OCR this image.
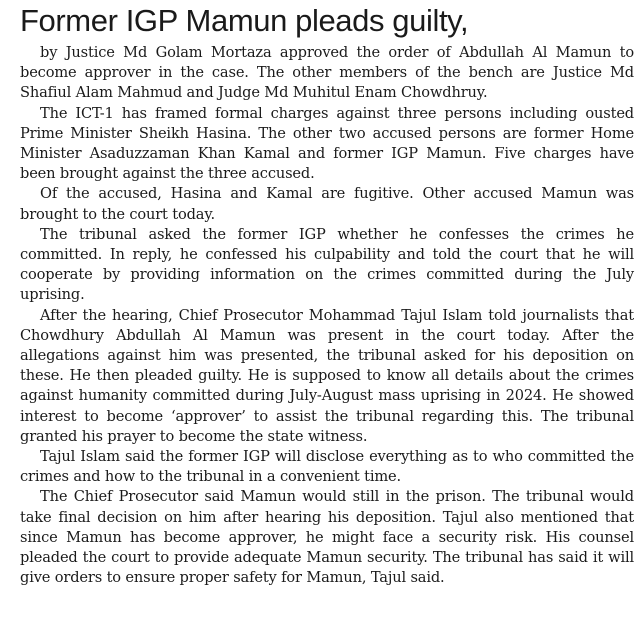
Former IGP Mamun pleads guilty,

by Justice Md Golam Mortaza approved the order of Abdullah Al Mamun to become approver in the case. The other members of the bench are Justice Md Shafiul Alam Mahmud and Judge Md Muhitul Enam Chowdhruy.

The ICT-1 has framed formal charges against three persons including ousted Prime Minister Sheikh Hasina. The other two accused persons are former Home Minister Asaduzzaman Khan Kamal and former IGP Mamun. Five charges have been brought against the three accused.

Of the accused, Hasina and Kamal are fugitive. Other accused Mamun was brought to the court today.

The tribunal asked the former IGP whether he confesses the crimes he committed. In reply, he confessed his culpability and told the court that he will cooperate by providing information on the crimes committed during the July uprising.

After the hearing, Chief Prosecutor Mohammad Tajul Islam told journalists that Chowdhury Abdullah Al Mamun was present in the court today. After the allegations against him was presented, the tribunal asked for his deposition on these. He then pleaded guilty. He is supposed to know all details about the crimes against humanity committed during July-August mass uprising in 2024. He showed interest to become ‘approver’ to assist the tribunal regarding this. The tribunal granted his prayer to become the state witness.

Tajul Islam said the former IGP will disclose everything as to who committed the crimes and how to the tribunal in a convenient time.

The Chief Prosecutor said Mamun would still in the prison. The tribunal would take final decision on him after hearing his deposition. Tajul also mentioned that since Mamun has become approver, he might face a security risk. His counsel pleaded the court to provide adequate Mamun security. The tribunal has said it will give orders to ensure proper safety for Mamun, Tajul said.
